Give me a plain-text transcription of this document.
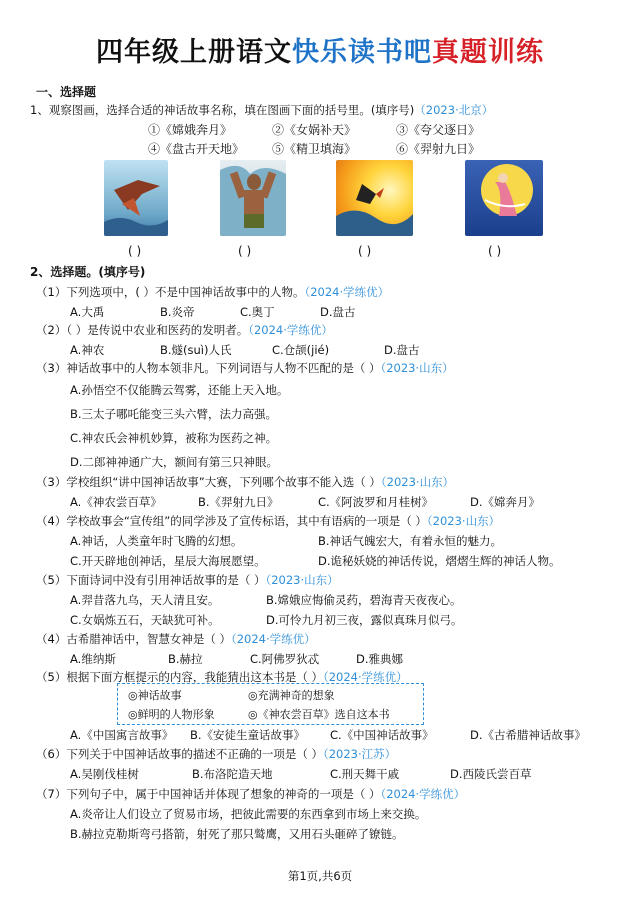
四年级上册语文快乐读书吧真题训练
一、选择题
1、观察图画，选择合适的神话故事名称，填在图画下面的括号里。(填序号)（2023·北京）
①《嫦娥奔月》	②《女娲补天》	③《夸父逐日》
④《盘古开天地》 ⑤《精卫填海》	⑥《羿射九日》
( )	( )	( )	( )
2、选择题。(填序号)
（1）下列选项中，( ）不是中国神话故事中的人物。（2024·学练优）
A.大禹	B.炎帝	C.奥丁	D.盘古
（2）（ ）是传说中农业和医药的发明者。（2024·学练优）
A.神农	B.燧(suì)人氏	C.仓颉(jié)	D.盘古
（3）神话故事中的人物本领非凡。下列词语与人物不匹配的是（ ）（2023·山东）
A.孙悟空不仅能腾云驾雾，还能上天入地。
B.三太子哪吒能变三头六臂，法力高强。
C.神农氏会神机妙算，被称为医药之神。
D.二郎神神通广大，额间有第三只神眼。
（3）学校组织“讲中国神话故事”大赛，下列哪个故事不能入选（ ）（2023·山东）
A.《神农尝百草》	B.《羿射九日》	C.《阿波罗和月桂树》	D.《嫦奔月》
（4）学校故事会“宣传组”的同学涉及了宣传标语，其中有语病的一项是（ ）（2023·山东）
A.神话，人类童年时飞腾的幻想。	B.神话气魄宏大，有着永恒的魅力。
C.开天辟地创神话，星辰大海展愿望。	D.诡秘妖娆的神话传说，熠熠生辉的神话人物。
（5）下面诗词中没有引用神话故事的是（ ）（2023·山东）
A.羿昔落九乌，天人清且安。	B.嫦娥应悔偷灵药，碧海青天夜夜心。
C.女娲炼五石，天缺犹可补。	D.可怜九月初三夜，露似真珠月似弓。
（4）古希腊神话中，智慧女神是（ ）（2024·学练优）
A.维纳斯	B.赫拉	C.阿佛罗狄忒	D.雅典娜
（5）根据下面方框提示的内容，我能猜出这本书是（ ）（2024·学练优）
◎神话故事	◎充满神奇的想象
◎鲜明的人物形象	◎《神农尝百草》选自这本书
A.《中国寓言故事》 B.《安徒生童话故事》 C.《中国神话故事》	D.《古希腊神话故事》
（6）下列关于中国神话故事的描述不正确的一项是（ ）（2023·江苏）
A.吴刚伐桂树	B.布洛陀造天地	C.刑天舞干戚	D.西陵氏尝百草
（7）下列句子中，属于中国神话并体现了想象的神奇的一项是（ ）（2024·学练优）
A.炎帝让人们设立了贸易市场，把彼此需要的东西拿到市场上来交换。
B.赫拉克勒斯弯弓搭箭，射死了那只鹫鹰，又用石头砸碎了镣链。
第1页,共6页
